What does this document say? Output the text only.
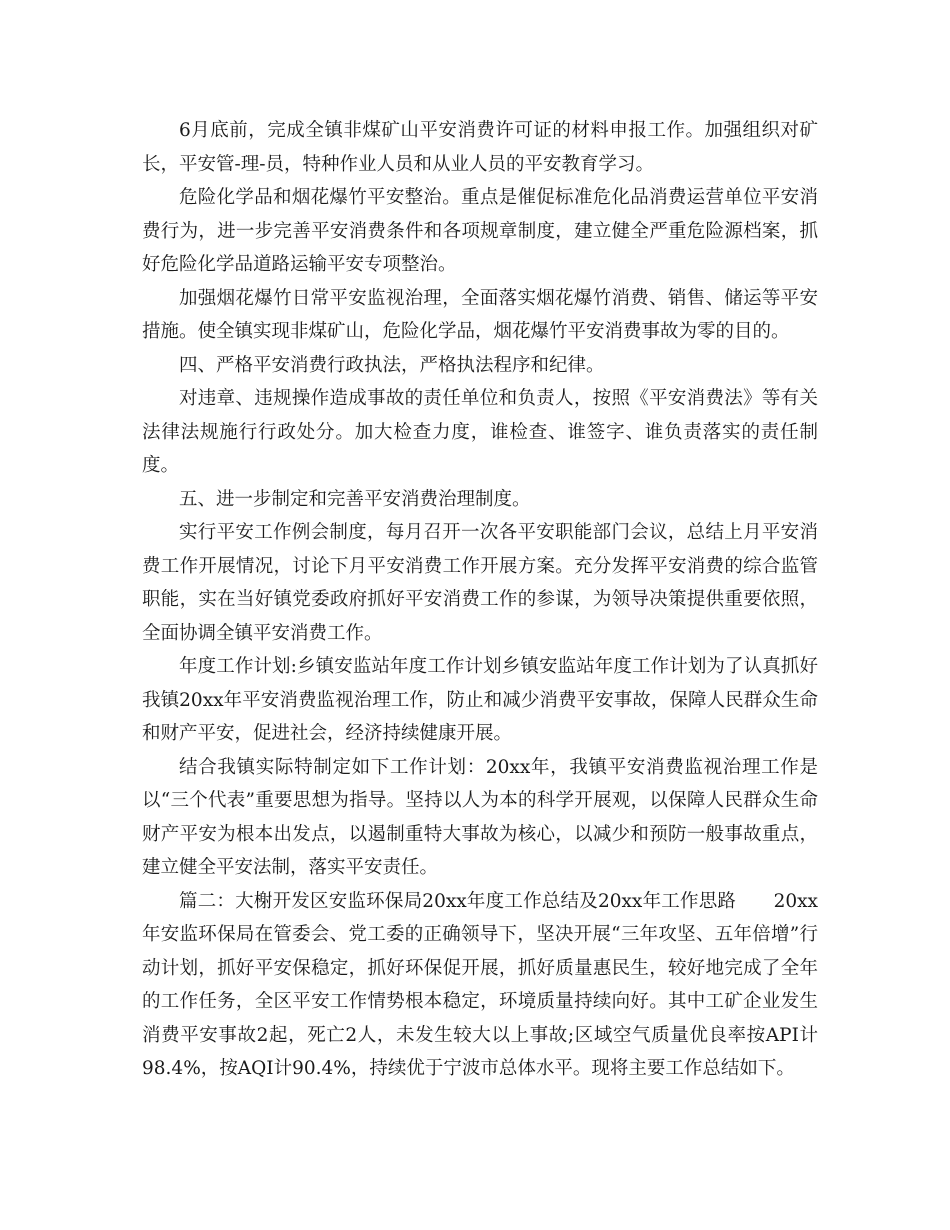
6月底前，完成全镇非煤矿山平安消费许可证的材料申报工作。加强组织对矿长，平安管-理-员，特种作业人员和从业人员的平安教育学习。

危险化学品和烟花爆竹平安整治。重点是催促标准危化品消费运营单位平安消费行为，进一步完善平安消费条件和各项规章制度，建立健全严重危险源档案，抓好危险化学品道路运输平安专项整治。

加强烟花爆竹日常平安监视治理，全面落实烟花爆竹消费、销售、储运等平安措施。使全镇实现非煤矿山，危险化学品，烟花爆竹平安消费事故为零的目的。

四、严格平安消费行政执法，严格执法程序和纪律。

对违章、违规操作造成事故的责任单位和负责人，按照《平安消费法》等有关法律法规施行行政处分。加大检查力度，谁检查、谁签字、谁负责落实的责任制度。

五、进一步制定和完善平安消费治理制度。

实行平安工作例会制度，每月召开一次各平安职能部门会议，总结上月平安消费工作开展情况，讨论下月平安消费工作开展方案。充分发挥平安消费的综合监管职能，实在当好镇党委政府抓好平安消费工作的参谋，为领导决策提供重要依照，全面协调全镇平安消费工作。

年度工作计划:乡镇安监站年度工作计划乡镇安监站年度工作计划为了认真抓好我镇20xx年平安消费监视治理工作，防止和减少消费平安事故，保障人民群众生命和财产平安，促进社会，经济持续健康开展。

结合我镇实际特制定如下工作计划：20xx年，我镇平安消费监视治理工作是以“三个代表”重要思想为指导。坚持以人为本的科学开展观，以保障人民群众生命财产平安为根本出发点，以遏制重特大事故为核心，以减少和预防一般事故重点，建立健全平安法制，落实平安责任。

篇二：大榭开发区安监环保局20xx年度工作总结及20xx年工作思路　　20xx年安监环保局在管委会、党工委的正确领导下，坚决开展“三年攻坚、五年倍增”行动计划，抓好平安保稳定，抓好环保促开展，抓好质量惠民生，较好地完成了全年的工作任务，全区平安工作情势根本稳定，环境质量持续向好。其中工矿企业发生消费平安事故2起，死亡2人，未发生较大以上事故;区域空气质量优良率按API计98.4%，按AQI计90.4%，持续优于宁波市总体水平。现将主要工作总结如下。
